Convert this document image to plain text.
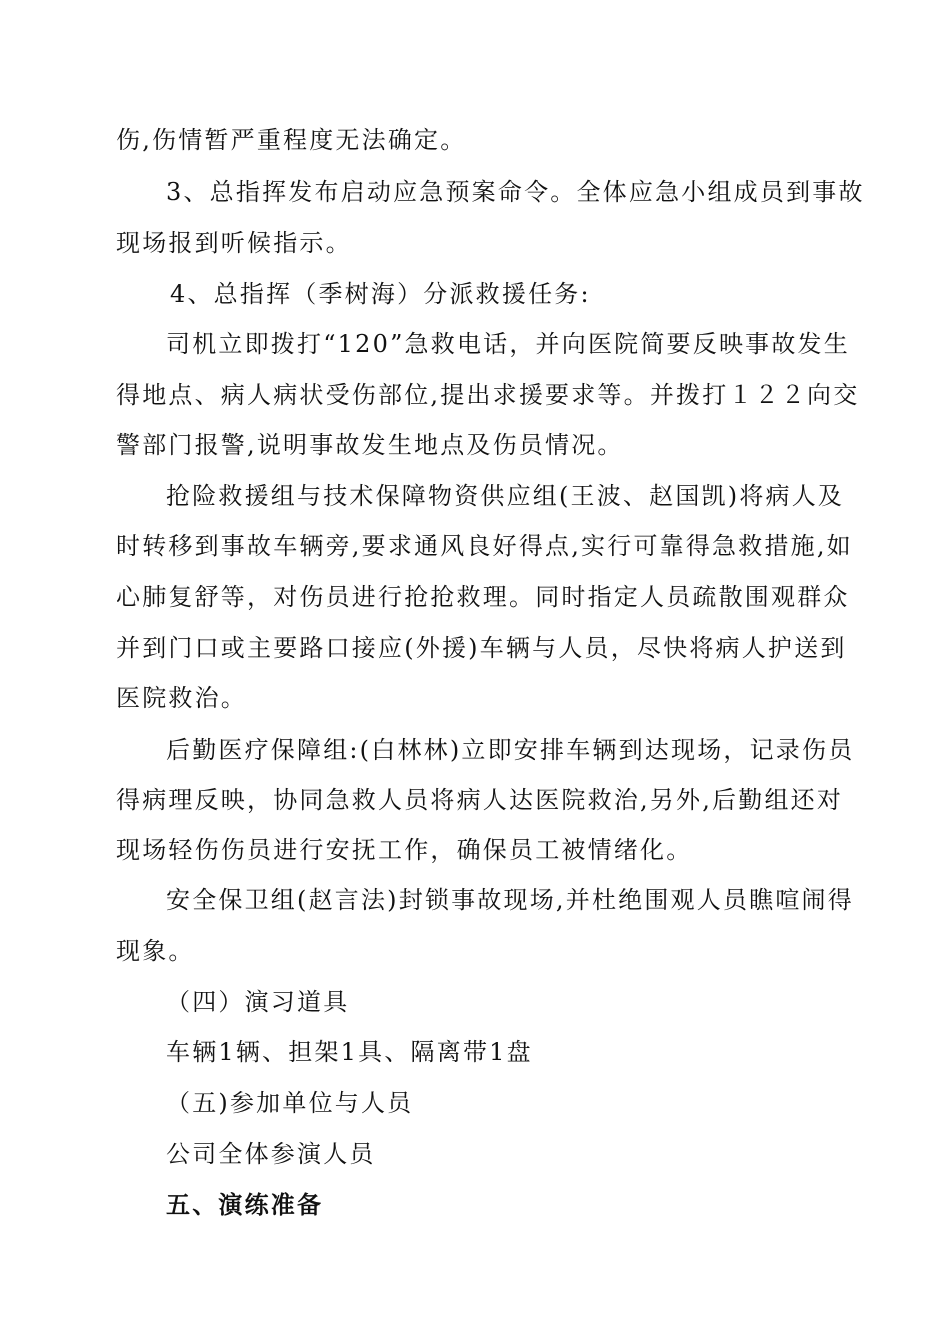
伤,伤情暂严重程度无法确定。
3、总指挥发布启动应急预案命令。全体应急小组成员到事故
现场报到听候指示。
4、总指挥（季树海）分派救援任务:
司机立即拨打“120”急救电话，并向医院简要反映事故发生
得地点、病人病状受伤部位,提出求援要求等。并拨打１２２向交
警部门报警,说明事故发生地点及伤员情况。
抢险救援组与技术保障物资供应组(王波、赵国凯)将病人及
时转移到事故车辆旁,要求通风良好得点,实行可靠得急救措施,如
心肺复舒等，对伤员进行抢抢救理。同时指定人员疏散围观群众
并到门口或主要路口接应(外援)车辆与人员，尽快将病人护送到
医院救治。
后勤医疗保障组:(白林林)立即安排车辆到达现场，记录伤员
得病理反映，协同急救人员将病人达医院救治,另外,后勤组还对
现场轻伤伤员进行安抚工作，确保员工被情绪化。
安全保卫组(赵言法)封锁事故现场,并杜绝围观人员瞧喧闹得
现象。
（四）演习道具
车辆1辆、担架1具、隔离带1盘
（五)参加单位与人员
公司全体参演人员
五、演练准备
